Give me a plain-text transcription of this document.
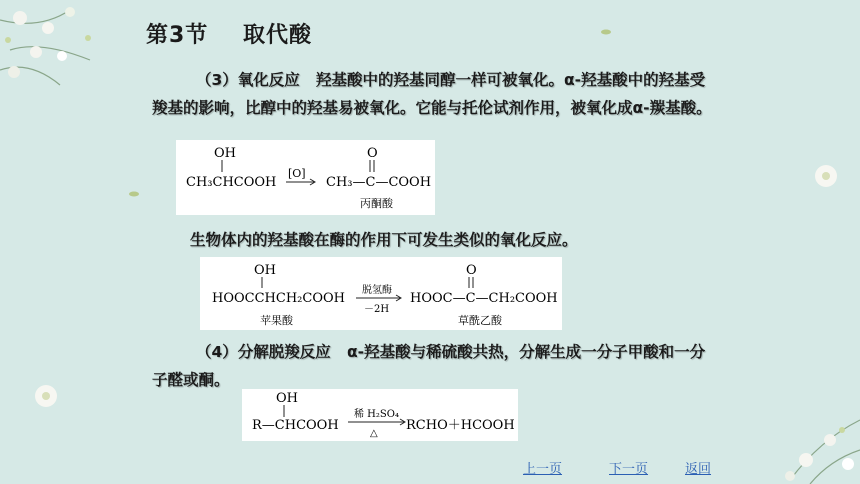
第3节    取代酸
（3）氧化反应 羟基酸中的羟基同醇一样可被氧化。α-羟基酸中的羟基受羧基的影响，比醇中的羟基易被氧化。它能与托伦试剂作用，被氧化成α-羰基酸。
OH
CH₃CHCOOH
[O]
O
CH₃—C—COOH
丙酮酸
生物体内的羟基酸在酶的作用下可发生类似的氧化反应。
OH
HOOCCHCH₂COOH
苹果酸
脱氢酶
－2H
O
HOOC—C—CH₂COOH
草酰乙酸
（4）分解脱羧反应 α-羟基酸与稀硫酸共热，分解生成一分子甲酸和一分子醛或酮。
OH
R—CHCOOH
稀 H₂SO₄
△
RCHO＋HCOOH
上一页	下一页	返回
